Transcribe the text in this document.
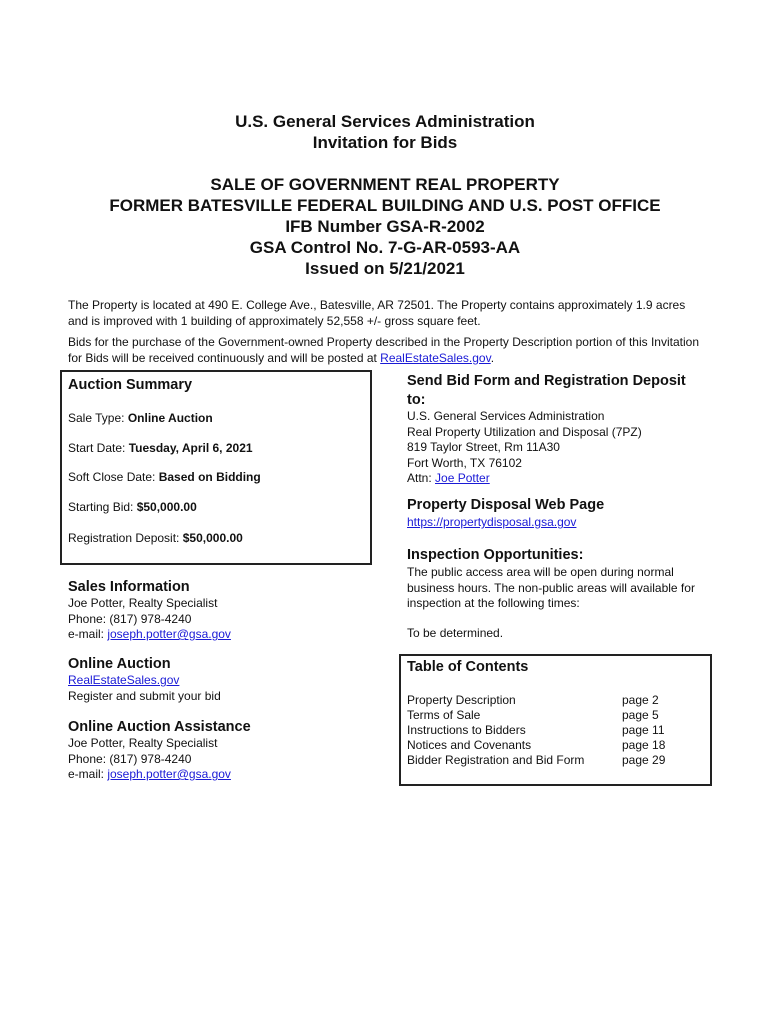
U.S. General Services Administration
Invitation for Bids
SALE OF GOVERNMENT REAL PROPERTY
FORMER BATESVILLE FEDERAL BUILDING AND U.S. POST OFFICE
IFB Number GSA-R-2002
GSA Control No. 7-G-AR-0593-AA
Issued on 5/21/2021
The Property is located at 490 E. College Ave., Batesville, AR 72501. The Property contains approximately 1.9 acres and is improved with 1 building of approximately 52,558 +/- gross square feet.
Bids for the purchase of the Government-owned Property described in the Property Description portion of this Invitation for Bids will be received continuously and will be posted at RealEstateSales.gov.
Auction Summary
Sale Type: Online Auction
Start Date: Tuesday, April 6, 2021
Soft Close Date: Based on Bidding
Starting Bid: $50,000.00
Registration Deposit: $50,000.00
Sales Information
Joe Potter, Realty Specialist
Phone: (817) 978-4240
e-mail: joseph.potter@gsa.gov
Online Auction
RealEstateSales.gov
Register and submit your bid
Online Auction Assistance
Joe Potter, Realty Specialist
Phone: (817) 978-4240
e-mail: joseph.potter@gsa.gov
Send Bid Form and Registration Deposit to:
U.S. General Services Administration
Real Property Utilization and Disposal (7PZ)
819 Taylor Street, Rm 11A30
Fort Worth, TX 76102
Attn: Joe Potter
Property Disposal Web Page
https://propertydisposal.gsa.gov
Inspection Opportunities:
The public access area will be open during normal business hours. The non-public areas will available for inspection at the following times:
To be determined.
Table of Contents
Property Description	page 2
Terms of Sale	page 5
Instructions to Bidders	page 11
Notices and Covenants	page 18
Bidder Registration and Bid Form	page 29
